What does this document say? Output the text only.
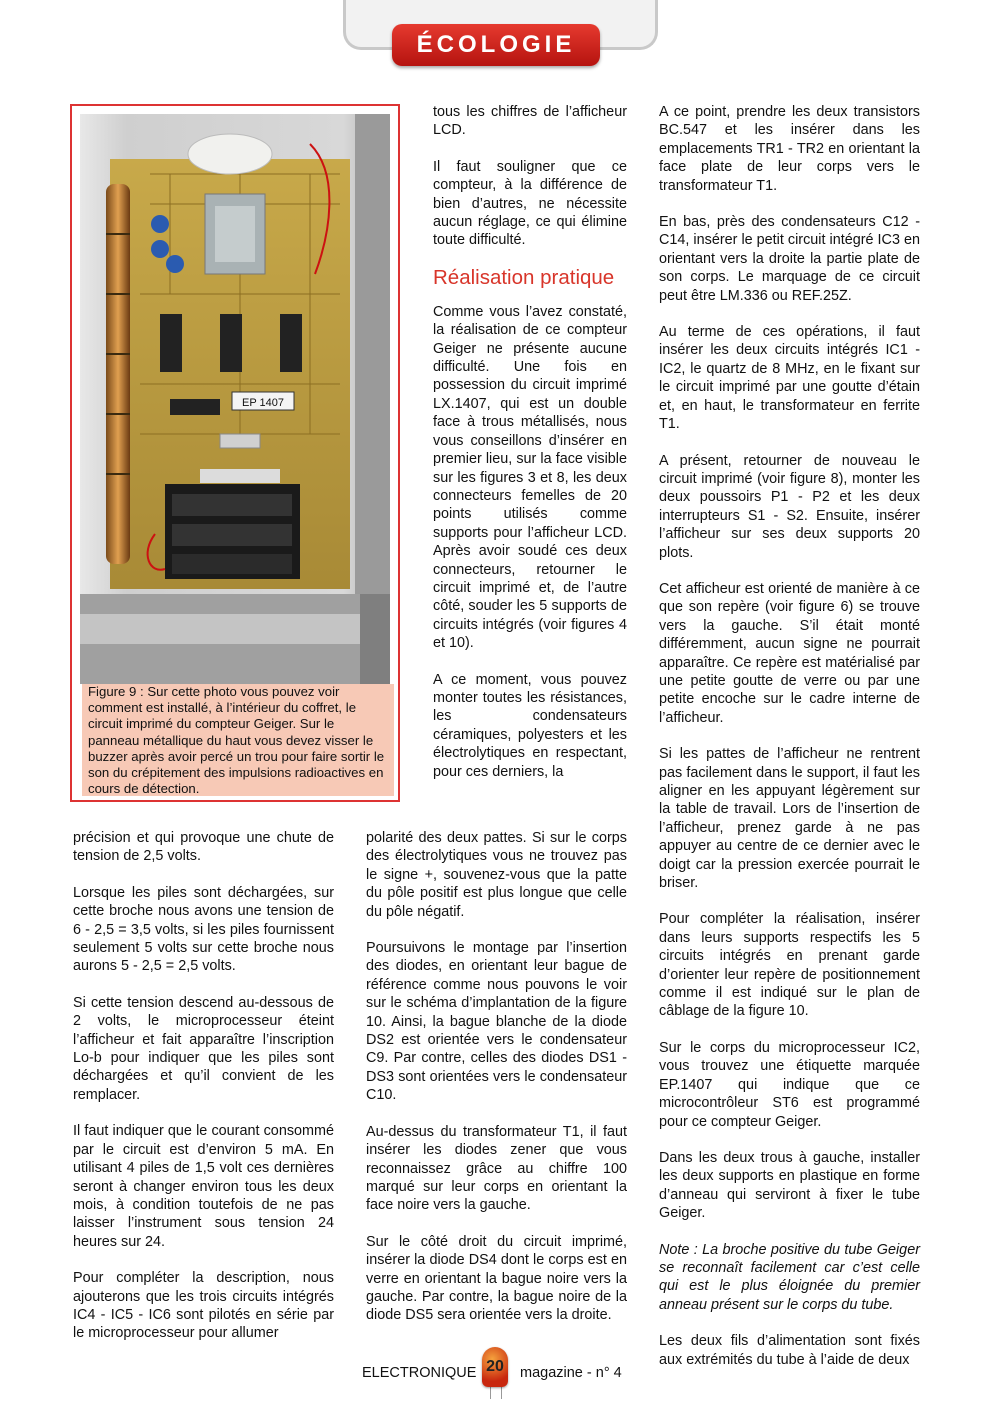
ÉCOLOGIE
EP 1407
Figure 9 : Sur cette photo vous pouvez voir comment est installé, à l’intérieur du coffret, le circuit imprimé du compteur Geiger. Sur le panneau métallique du haut vous devez visser le buzzer après avoir percé un trou pour faire sortir le son du crépitement des impulsions radioactives en cours de détection.

précision et qui provoque une chute de tension de 2,5 volts.

Lorsque les piles sont déchargées, sur cette broche nous avons une tension de 6 - 2,5 = 3,5 volts, si les piles fournissent seulement 5 volts sur cette broche nous aurons 5 - 2,5 = 2,5 volts.

Si cette tension descend au-dessous de 2 volts, le microprocesseur éteint l’afficheur et fait apparaître l’inscription Lo-b pour indiquer que les piles sont déchargées et qu’il convient de les remplacer.

Il faut indiquer que le courant consommé par le circuit est d’environ 5 mA. En utilisant 4 piles de 1,5 volt ces dernières seront à changer environ tous les deux mois, à condition toutefois de ne pas laisser l’instrument sous tension 24 heures sur 24.

Pour compléter la description, nous ajouterons que les trois circuits intégrés IC4 - IC5 - IC6 sont pilotés en série par le microprocesseur pour allumer

tous les chiffres de l’afficheur LCD.

Il faut souligner que ce compteur, à la différence de bien d’autres, ne nécessite aucun réglage, ce qui élimine toute difficulté.

Réalisation pratique

Comme vous l’avez constaté, la réalisation de ce compteur Geiger ne présente aucune difficulté. Une fois en possession du circuit imprimé LX.1407, qui est un double face à trous métallisés, nous vous conseillons d’insérer en premier lieu, sur la face visible sur les figures 3 et 8, les deux connecteurs femelles de 20 points utilisés comme supports pour l’afficheur LCD. Après avoir soudé ces deux connecteurs, retourner le circuit imprimé et, de l’autre côté, souder les 5 supports de circuits intégrés (voir figures 4 et 10).

A ce moment, vous pouvez monter toutes les résistances, les condensateurs céramiques, polyesters et les électrolytiques en respectant, pour ces derniers, la

polarité des deux pattes. Si sur le corps des électrolytiques vous ne trouvez pas le signe +, souvenez-vous que la patte du pôle positif est plus longue que celle du pôle négatif.

Poursuivons le montage par l’insertion des diodes, en orientant leur bague de référence comme nous pouvons le voir sur le schéma d’implantation de la figure 10. Ainsi, la bague blanche de la diode DS2 est orientée vers le condensateur C9. Par contre, celles des diodes DS1 - DS3 sont orientées vers le condensateur C10.

Au-dessus du transformateur T1, il faut insérer les diodes zener que vous reconnaissez grâce au chiffre 100 marqué sur leur corps en orientant la face noire vers la gauche.

Sur le côté droit du circuit imprimé, insérer la diode DS4 dont le corps est en verre en orientant la bague noire vers la gauche. Par contre, la bague noire de la diode DS5 sera orientée vers la droite.

A ce point, prendre les deux transistors BC.547 et les insérer dans les emplacements TR1 - TR2 en orientant la face plate de leur corps vers le transformateur T1.

En bas, près des condensateurs C12 - C14, insérer le petit circuit intégré IC3 en orientant vers la droite la partie plate de son corps. Le marquage de ce circuit peut être LM.336 ou REF.25Z.

Au terme de ces opérations, il faut insérer les deux circuits intégrés IC1 - IC2, le quartz de 8 MHz, en le fixant sur le circuit imprimé par une goutte d’étain et, en haut, le transformateur en ferrite T1.

A présent, retourner de nouveau le circuit imprimé (voir figure 8), monter les deux poussoirs P1 - P2 et les deux interrupteurs S1 - S2. Ensuite, insérer l’afficheur sur ses deux supports 20 plots.

Cet afficheur est orienté de manière à ce que son repère (voir figure 6) se trouve vers la gauche. S’il était monté différemment, aucun signe ne pourrait apparaître. Ce repère est matérialisé par une petite goutte de verre ou par une petite encoche sur le cadre interne de l’afficheur.

Si les pattes de l’afficheur ne rentrent pas facilement dans le support, il faut les aligner en les appuyant légèrement sur la table de travail. Lors de l’insertion de l’afficheur, prenez garde à ne pas appuyer au centre de ce dernier avec le doigt car la pression exercée pourrait le briser.

Pour compléter la réalisation, insérer dans leurs supports respectifs les 5 circuits intégrés en prenant garde d’orienter leur repère de positionnement comme il est indiqué sur le plan de câblage de la figure 10.

Sur le corps du microprocesseur IC2, vous trouvez une étiquette marquée EP.1407 qui indique que ce microcontrôleur ST6 est programmé pour ce compteur Geiger.

Dans les deux trous à gauche, installer les deux supports en plastique en forme d’anneau qui serviront à fixer le tube Geiger.

Note : La broche positive du tube Geiger se reconnaît facilement car c’est celle qui est le plus éloignée du premier anneau présent sur le corps du tube.

Les deux fils d’alimentation sont fixés aux extrémités du tube à l’aide de deux

ELECTRONIQUE 20 magazine - n° 4
